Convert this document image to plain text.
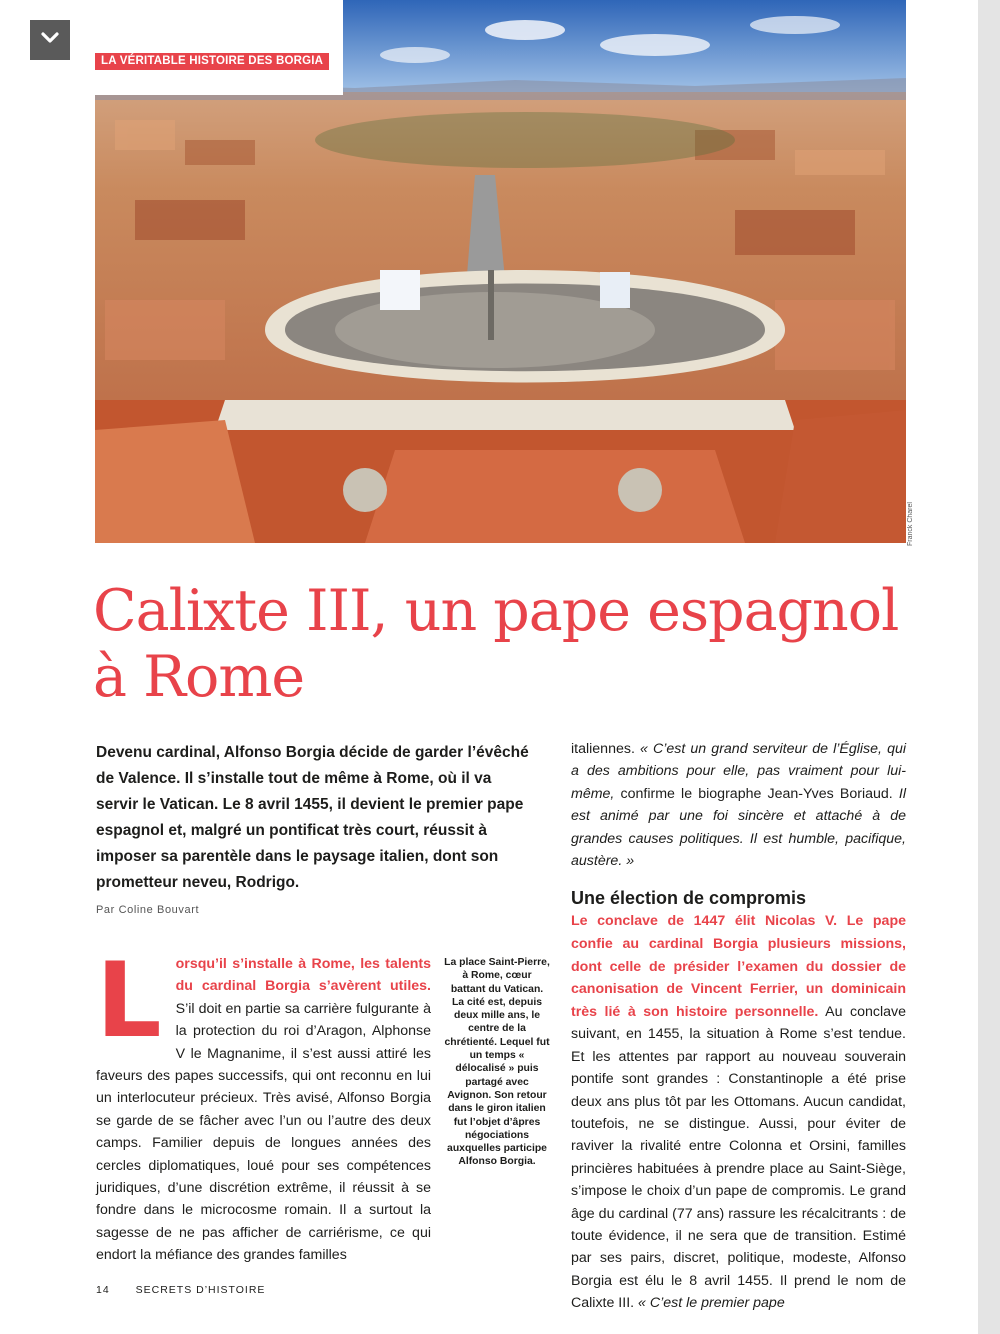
LA VÉRITABLE HISTOIRE DES BORGIA
Franck Charel
Calixte III, un pape espagnol à Rome

Devenu cardinal, Alfonso Borgia décide de garder l’évêché de Valence. Il s’installe tout de même à Rome, où il va servir le Vatican. Le 8 avril 1455, il devient le premier pape espagnol et, malgré un pontificat très court, réussit à imposer sa parentèle dans le paysage italien, dont son prometteur neveu, Rodrigo.

Par Coline Bouvart
L orsqu’il s’installe à Rome, les talents du cardinal Borgia s’avèrent utiles. S’il doit en partie sa carrière fulgurante à la protection du roi d’Aragon, Alphonse V le Magnanime, il s’est aussi attiré les faveurs des papes successifs, qui ont reconnu en lui un interlocuteur précieux. Très avisé, Alfonso Borgia se garde de se fâcher avec l’un ou l’autre des deux camps. Familier depuis de longues années des cercles diplomatiques, loué pour ses compétences juridiques, d’une discrétion extrême, il réussit à se fondre dans le microcosme romain. Il a surtout la sagesse de ne pas afficher de carriérisme, ce qui endort la méfiance des grandes familles

La place Saint-Pierre, à Rome, cœur battant du Vatican. La cité est, depuis deux mille ans, le centre de la chrétienté. Lequel fut un temps « délocalisé » puis partagé avec Avignon. Son retour dans le giron italien fut l’objet d’âpres négociations auxquelles participe Alfonso Borgia.

italiennes. « C’est un grand serviteur de l’Église, qui a des ambitions pour elle, pas vraiment pour lui-même, confirme le biographe Jean-Yves Boriaud. Il est animé par une foi sincère et attaché à de grandes causes politiques. Il est humble, pacifique, austère. »

Une élection de compromis

Le conclave de 1447 élit Nicolas V. Le pape confie au cardinal Borgia plusieurs missions, dont celle de présider l’examen du dossier de canonisation de Vincent Ferrier, un dominicain très lié à son histoire personnelle. Au conclave suivant, en 1455, la situation à Rome s’est tendue. Et les attentes par rapport au nouveau souverain pontife sont grandes : Constantinople a été prise deux ans plus tôt par les Ottomans. Aucun candidat, toutefois, ne se distingue. Aussi, pour éviter de raviver la rivalité entre Colonna et Orsini, familles princières habituées à prendre place au Saint-Siège, s’impose le choix d’un pape de compromis. Le grand âge du cardinal (77 ans) rassure les récalcitrants : de toute évidence, il ne sera que de transition. Estimé par ses pairs, discret, politique, modeste, Alfonso Borgia est élu le 8 avril 1455. Il prend le nom de Calixte III. « C’est le premier pape

14 SECRETS D’HISTOIRE
